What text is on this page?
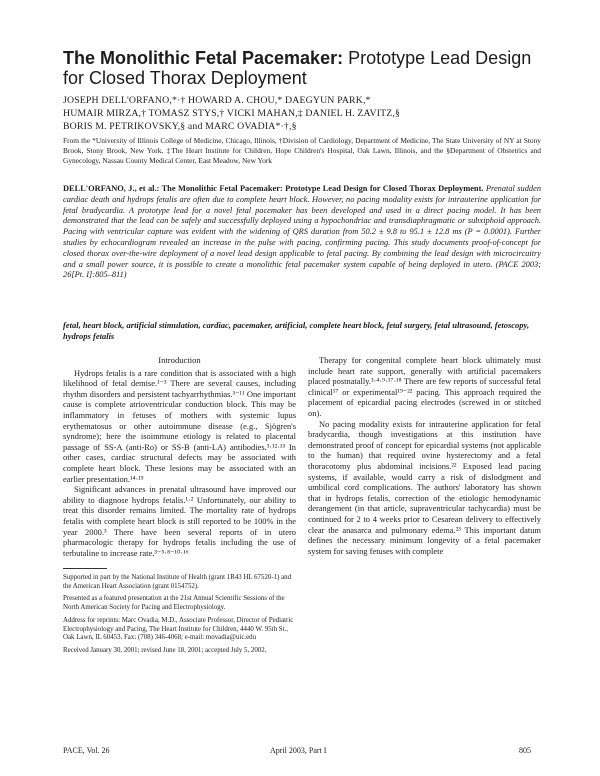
The Monolithic Fetal Pacemaker: Prototype Lead Design for Closed Thorax Deployment
JOSEPH DELL'ORFANO,*·† HOWARD A. CHOU,* DAEGYUN PARK,*
HUMAIR MIRZA,† TOMASZ STYS,† VICKI MAHAN,‡ DANIEL H. ZAVITZ,§
BORIS M. PETRIKOVSKY,§ and MARC OVADIA*·†,§
From the *University of Illinois College of Medicine, Chicago, Illinois, †Division of Cardiology, Department of Medicine, The State University of NY at Stony Brook, Stony Brook, New York, ‡The Heart Institute for Children, Hope Children's Hospital, Oak Lawn, Illinois, and the §Department of Obstetrics and Gynecology, Nassau County Medical Center, East Meadow, New York
DELL'ORFANO, J., et al.: The Monolithic Fetal Pacemaker: Prototype Lead Design for Closed Thorax Deployment. Prenatal sudden cardiac death and hydrops fetalis are often due to complete heart block. However, no pacing modality exists for intrauterine application for fetal bradycardia. A prototype lead for a novel fetal pacemaker has been developed and used in a direct pacing model. It has been demonstrated that the lead can be safely and successfully deployed using a hypochondriac and transdiaphragmatic or subxiphoid approach. Pacing with ventricular capture was evident with the widening of QRS duration from 50.2 ± 9.8 to 95.1 ± 12.8 ms (P = 0.0001). Further studies by echocardiogram revealed an increase in the pulse with pacing, confirming pacing. This study documents proof-of-concept for closed thorax over-the-wire deployment of a novel lead design applicable to fetal pacing. By combining the lead design with microcircuitry and a small power source, it is possible to create a monolithic fetal pacemaker system capable of being deployed in utero. (PACE 2003; 26[Pt. I]:805–811)
fetal, heart block, artificial stimulation, cardiac, pacemaker, artificial, complete heart block, fetal surgery, fetal ultrasound, fetoscopy, hydrops fetalis
Introduction

Hydrops fetalis is a rare condition that is associated with a high likelihood of fetal demise.¹⁻³ There are several causes, including rhythm disorders and persistent tachyarrhythmias.³⁻¹¹ One important cause is complete atrioventricular conduction block. This may be inflammatory in fetuses of mothers with systemic lupus erythematosus or other autoimmune disease (e.g., Sjögren's syndrome); here the isoimmune etiology is related to placental passage of SS-A (anti-Ro) or SS-B (anti-LA) antibodies.³·¹²·¹³ In other cases, cardiac structural defects may be associated with complete heart block. These lesions may be associated with an earlier presentation.¹⁴·¹⁵

Significant advances in prenatal ultrasound have improved our ability to diagnose hydrops fetalis.¹·² Unfortunately, our ability to treat this disorder remains limited. The mortality rate of hydrops fetalis with complete heart block is still reported to be 100% in the year 2000.³ There have been several reports of in utero pharmacologic therapy for hydrops fetalis including the use of terbutaline to increase rate.³⁻⁵·⁸⁻¹⁰·¹⁶

Therapy for congenital complete heart block ultimately must include heart rate support, generally with artificial pacemakers placed postnatally.³·⁴·⁹·¹⁷·¹⁸ There are few reports of successful fetal clinical¹⁷ or experimental¹⁹⁻²² pacing. This approach required the placement of epicardial pacing electrodes (screwed in or stitched on).

No pacing modality exists for intrauterine application for fetal bradycardia, though investigations at this institution have demonstrated proof of concept for epicardial systems (not applicable to the human) that required ovine hysterectomy and a fetal thoracotomy plus abdominal incisions.²² Exposed lead pacing systems, if available, would carry a risk of dislodgment and umbilical cord complications. The authors' laboratory has shown that in hydrops fetalis, correction of the etiologic hemodynamic derangement (in that article, supraventricular tachycardia) must be continued for 2 to 4 weeks prior to Cesarean delivery to effectively clear the anasarca and pulmonary edema.²³ This important datum defines the necessary minimum longevity of a fetal pacemaker system for saving fetuses with complete

Supported in part by the National Institute of Health (grant 1R43 HL 67520-1) and the American Heart Association (grant 0154752).

Presented as a featured presentation at the 21st Annual Scientific Sessions of the North American Society for Pacing and Electrophysiology.

Address for reprints: Marc Ovadia, M.D., Associate Professor, Director of Pediatric Electrophysiology and Pacing, The Heart Institute for Children, 4440 W. 95th St., Oak Lawn, IL 60453. Fax: (708) 346-4068; e-mail: movadia@uic.edu

Received January 30, 2001; revised June 18, 2001; accepted July 5, 2002.

PACE, Vol. 26	April 2003, Part I	805
